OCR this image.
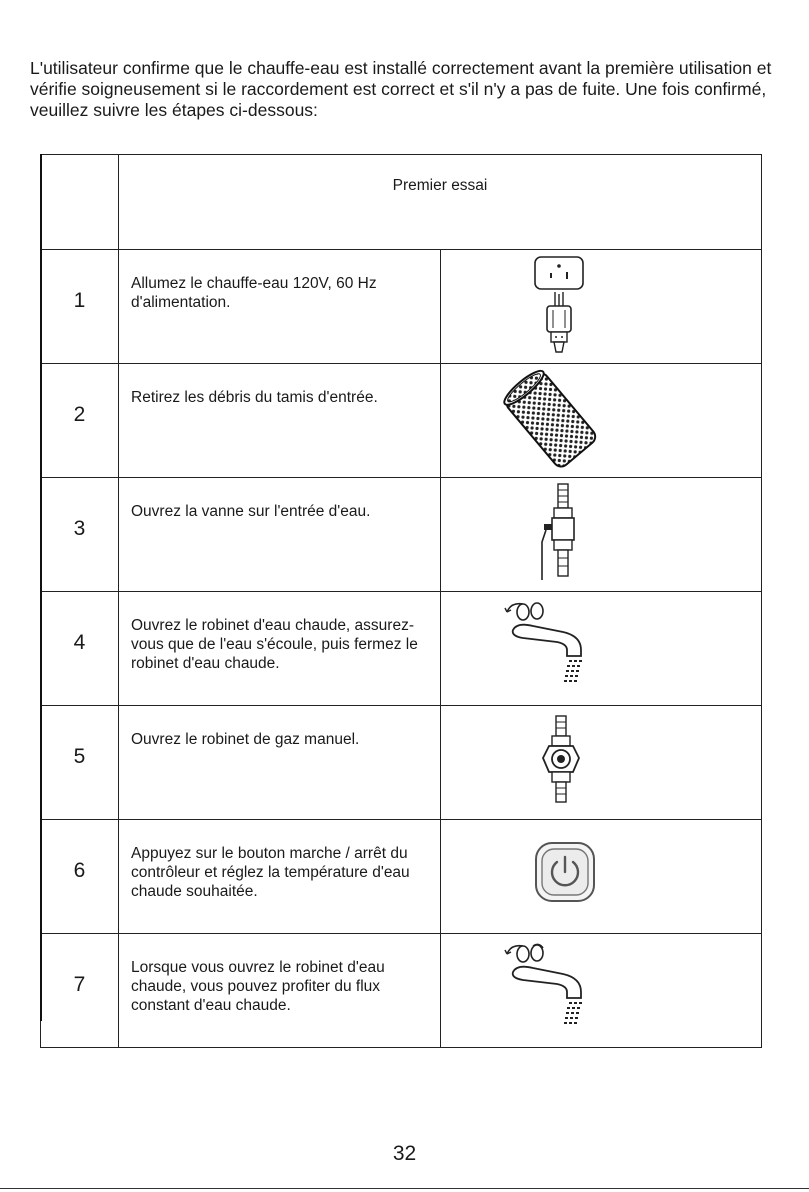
L'utilisateur confirme que le chauffe-eau est installé correctement avant la première utilisation et vérifie soigneusement si le raccordement est correct et s'il n'y a pas de fuite. Une fois confirmé, veuillez suivre les étapes ci-dessous:
	Premier essai	
1	Allumez le chauffe-eau 120V, 60 Hz d'alimentation.

2	Retirez les débris du tamis d'entrée.

3	Ouvrez la vanne sur l'entrée d'eau.

4	Ouvrez le robinet d'eau chaude, assurez-vous que de l'eau s'écoule, puis fermez le robinet d'eau chaude.

5	Ouvrez le robinet de gaz manuel.

6	Appuyez sur le bouton marche / arrêt du contrôleur et réglez la température d'eau chaude souhaitée.

7	Lorsque vous ouvrez le robinet d'eau chaude, vous pouvez profiter du flux constant d'eau chaude.

32
